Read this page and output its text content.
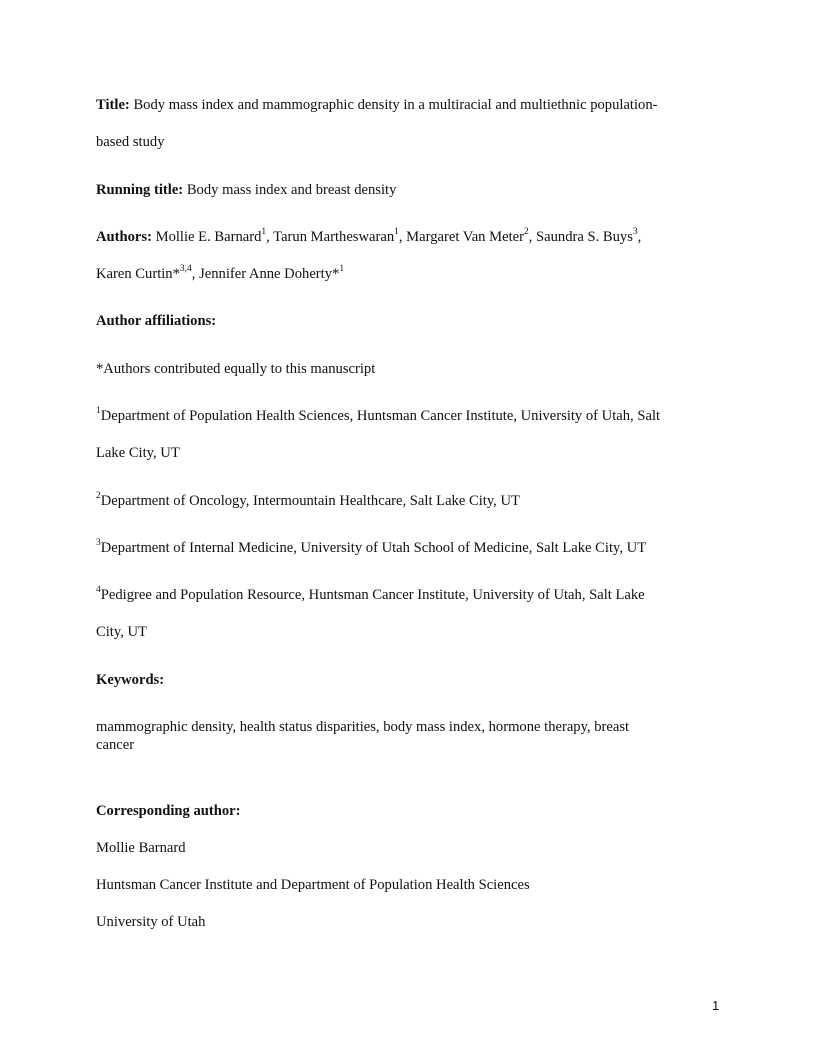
Title: Body mass index and mammographic density in a multiracial and multiethnic population-
based study
Running title: Body mass index and breast density
Authors: Mollie E. Barnard$^1$, Tarun Martheswaran$^1$, Margaret Van Meter$^2$, Saundra S. Buys$^3$,
Karen Curtin*$^{3,4}$, Jennifer Anne Doherty*$^1$
Author affiliations:
*Authors contributed equally to this manuscript
$^1$Department of Population Health Sciences, Huntsman Cancer Institute, University of Utah, Salt
Lake City, UT
$^2$Department of Oncology, Intermountain Healthcare, Salt Lake City, UT
$^3$Department of Internal Medicine, University of Utah School of Medicine, Salt Lake City, UT
$^4$Pedigree and Population Resource, Huntsman Cancer Institute, University of Utah, Salt Lake
City, UT
Keywords:
mammographic density, health status disparities, body mass index, hormone therapy, breast
cancer
Corresponding author:
Mollie Barnard
Huntsman Cancer Institute and Department of Population Health Sciences
University of Utah
1
